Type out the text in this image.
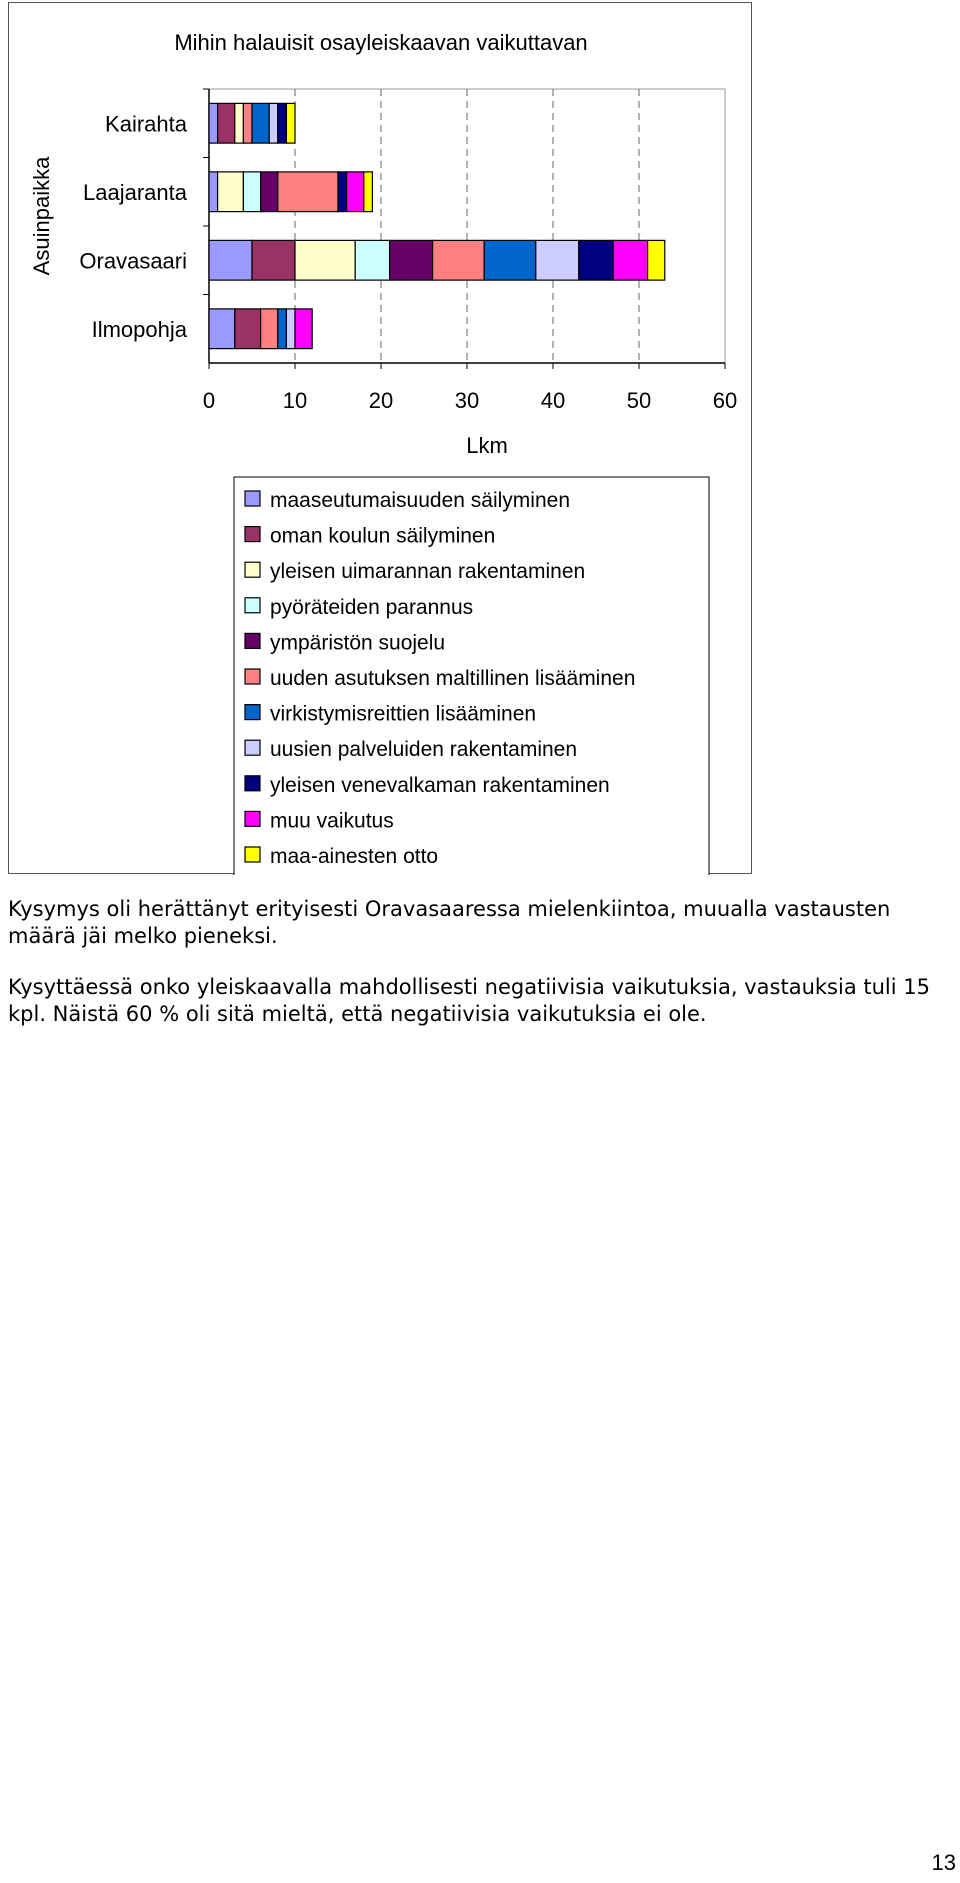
Mihin halauisit osayleiskaavan vaikuttavan
0	10	20	30	40	50	60
Kairahta
Laajaranta
Oravasaari
Ilmopohja
Lkm
Asuinpaikka
maaseutumaisuuden säilyminen
oman koulun säilyminen
yleisen uimarannan rakentaminen
pyöräteiden parannus
ympäristön suojelu
uuden asutuksen maltillinen lisääminen
virkistymisreittien lisääminen
uusien palveluiden rakentaminen
yleisen venevalkaman rakentaminen
muu vaikutus
maa-ainesten otto

Kysymys oli herättänyt erityisesti Oravasaaressa mielenkiintoa, muualla vastausten määrä jäi melko pieneksi.

Kysyttäessä onko yleiskaavalla mahdollisesti negatiivisia vaikutuksia, vastauksia tuli 15 kpl. Näistä 60 % oli sitä mieltä, että negatiivisia vaikutuksia ei ole.

13
